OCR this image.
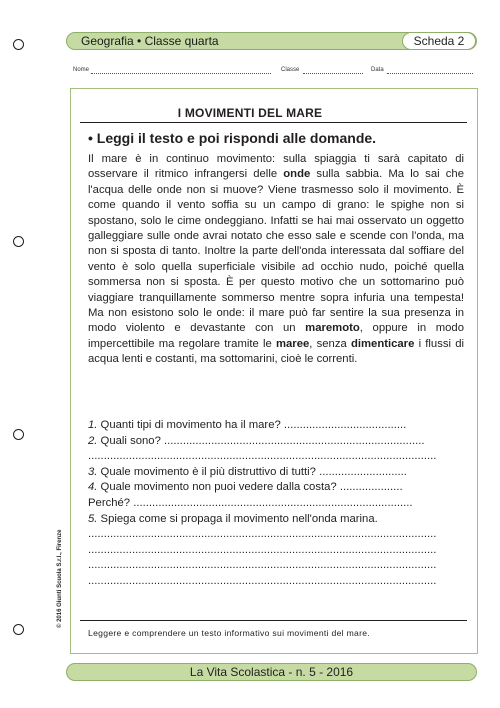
Geografia • Classe quarta	Scheda 2
Nome	Classe	Data
I MOVIMENTI DEL MARE
• Leggi il testo e poi rispondi alle domande.
Il mare è in continuo movimento: sulla spiaggia ti sarà capitato di osservare il ritmico infrangersi delle onde sulla sabbia. Ma lo sai che l'acqua delle onde non si muove? Viene trasmesso solo il movimento. È come quando il vento soffia su un campo di grano: le spighe non si spostano, solo le cime ondeggiano. Infatti se hai mai osservato un oggetto galleggiare sulle onde avrai notato che esso sale e scende con l'onda, ma non si sposta di tanto. Inoltre la parte dell'onda interessata dal soffiare del vento è solo quella superficiale visibile ad occhio nudo, poiché quella sommersa non si sposta. È per questo motivo che un sottomarino può viaggiare tranquillamente sommerso mentre sopra infuria una tempesta! Ma non esistono solo le onde: il mare può far sentire la sua presenza in modo violento e devastante con un maremoto, oppure in modo impercettibile ma regolare tramite le maree, senza dimenticare i flussi di acqua lenti e costanti, ma sottomarini, cioè le correnti.
1. Quanti tipi di movimento ha il mare? .......................................
2. Quali sono? ...................................................................................
...............................................................................................................
3. Quale movimento è il più distruttivo di tutti? ............................
4. Quale movimento non puoi vedere dalla costa? ....................
Perché? .........................................................................................
5. Spiega come si propaga il movimento nell'onda marina.
...............................................................................................................
...............................................................................................................
...............................................................................................................
...............................................................................................................
Leggere e comprendere un testo informativo sui movimenti del mare.
La Vita Scolastica - n. 5 - 2016
© 2016 Giunti Scuola S.r.l., Firenze
